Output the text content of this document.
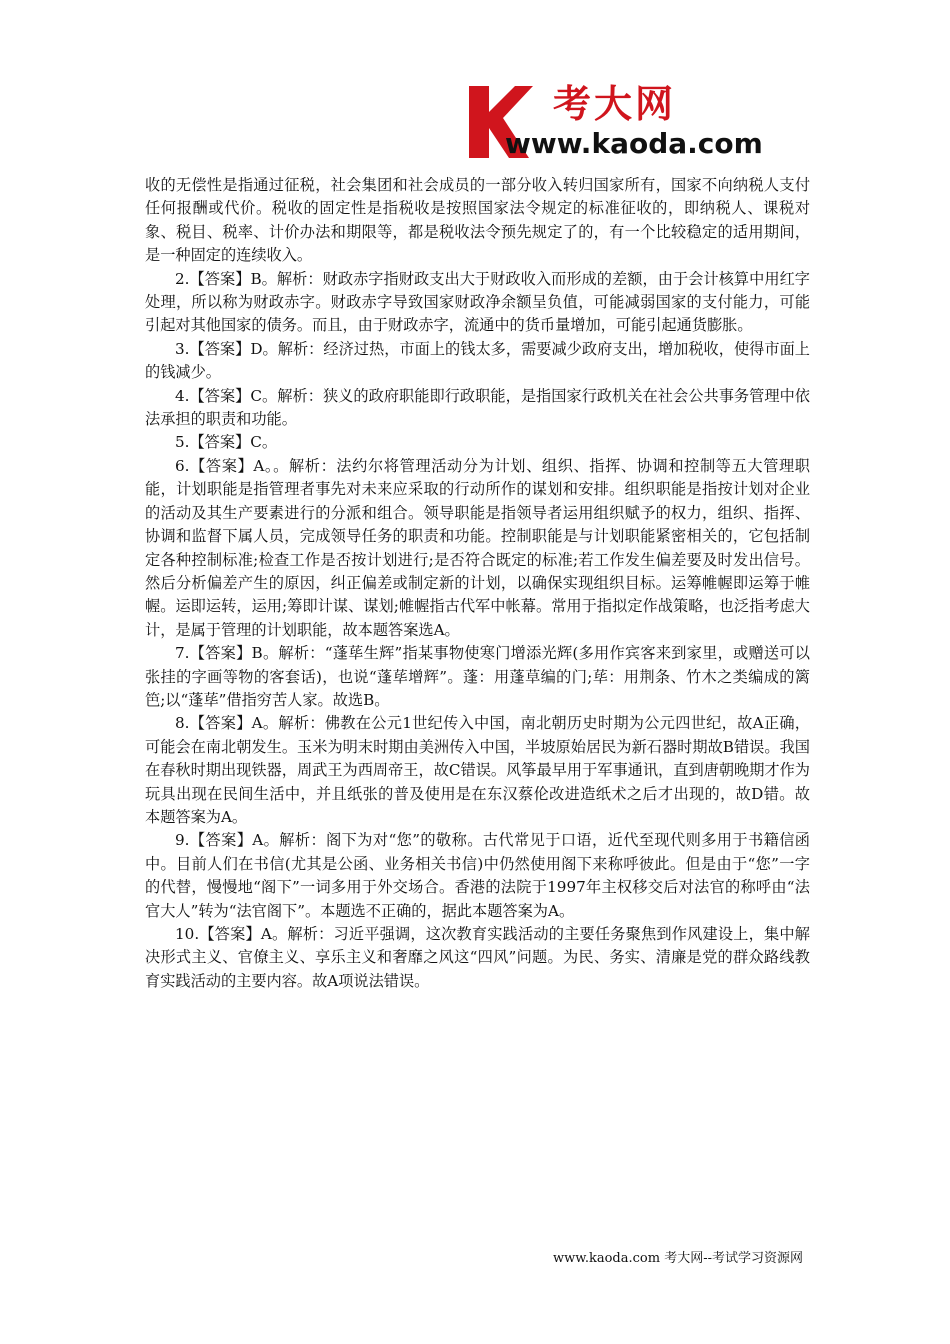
考大网
www.kaoda.com

收的无偿性是指通过征税，社会集团和社会成员的一部分收入转归国家所有，国家不向纳税人支付任何报酬或代价。税收的固定性是指税收是按照国家法令规定的标准征收的，即纳税人、课税对象、税目、税率、计价办法和期限等，都是税收法令预先规定了的，有一个比较稳定的适用期间，是一种固定的连续收入。

2.【答案】B。解析：财政赤字指财政支出大于财政收入而形成的差额，由于会计核算中用红字处理，所以称为财政赤字。财政赤字导致国家财政净余额呈负值，可能减弱国家的支付能力，可能引起对其他国家的债务。而且，由于财政赤字，流通中的货币量增加，可能引起通货膨胀。

3.【答案】D。解析：经济过热，市面上的钱太多，需要减少政府支出，增加税收，使得市面上的钱减少。

4.【答案】C。解析：狭义的政府职能即行政职能，是指国家行政机关在社会公共事务管理中依法承担的职责和功能。

5.【答案】C。

6.【答案】A。。解析：法约尔将管理活动分为计划、组织、指挥、协调和控制等五大管理职能，计划职能是指管理者事先对未来应采取的行动所作的谋划和安排。组织职能是指按计划对企业的活动及其生产要素进行的分派和组合。领导职能是指领导者运用组织赋予的权力，组织、指挥、协调和监督下属人员，完成领导任务的职责和功能。控制职能是与计划职能紧密相关的，它包括制定各种控制标准;检查工作是否按计划进行;是否符合既定的标准;若工作发生偏差要及时发出信号。然后分析偏差产生的原因，纠正偏差或制定新的计划，以确保实现组织目标。运筹帷幄即运筹于帷幄。运即运转，运用;筹即计谋、谋划;帷幄指古代军中帐幕。常用于指拟定作战策略，也泛指考虑大计，是属于管理的计划职能，故本题答案选A。

7.【答案】B。解析：“蓬荜生辉”指某事物使寒门增添光辉(多用作宾客来到家里，或赠送可以张挂的字画等物的客套话)，也说“蓬荜增辉”。蓬：用蓬草编的门;荜：用荆条、竹木之类编成的篱笆;以“蓬荜”借指穷苦人家。故选B。

8.【答案】A。解析：佛教在公元1世纪传入中国，南北朝历史时期为公元四世纪，故A正确，可能会在南北朝发生。玉米为明末时期由美洲传入中国，半坡原始居民为新石器时期故B错误。我国在春秋时期出现铁器，周武王为西周帝王，故C错误。风筝最早用于军事通讯，直到唐朝晚期才作为玩具出现在民间生活中，并且纸张的普及使用是在东汉蔡伦改进造纸术之后才出现的，故D错。故本题答案为A。

9.【答案】A。解析：阁下为对“您”的敬称。古代常见于口语，近代至现代则多用于书籍信函中。目前人们在书信(尤其是公函、业务相关书信)中仍然使用阁下来称呼彼此。但是由于“您”一字的代替，慢慢地“阁下”一词多用于外交场合。香港的法院于1997年主权移交后对法官的称呼由“法官大人”转为“法官阁下”。本题选不正确的，据此本题答案为A。

10.【答案】A。解析：习近平强调，这次教育实践活动的主要任务聚焦到作风建设上，集中解决形式主义、官僚主义、享乐主义和奢靡之风这“四风”问题。为民、务实、清廉是党的群众路线教育实践活动的主要内容。故A项说法错误。

www.kaoda.com 考大网--考试学习资源网
